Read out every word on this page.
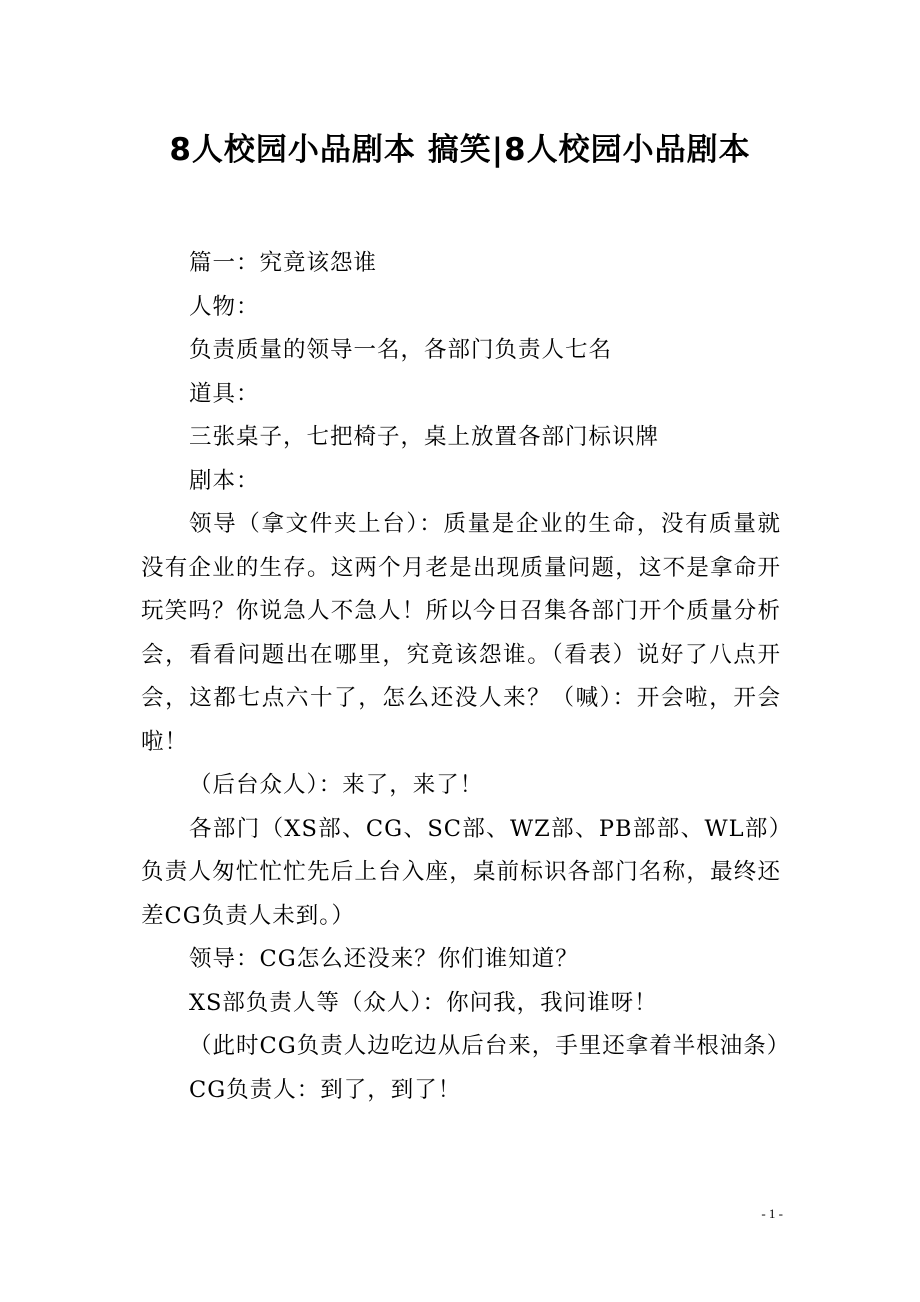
8人校园小品剧本 搞笑|8人校园小品剧本

篇一：究竟该怨谁

人物：

负责质量的领导一名，各部门负责人七名

道具：

三张桌子，七把椅子，桌上放置各部门标识牌

剧本：

领导（拿文件夹上台）：质量是企业的生命，没有质量就没有企业的生存。这两个月老是出现质量问题，这不是拿命开玩笑吗？你说急人不急人！所以今日召集各部门开个质量分析会，看看问题出在哪里，究竟该怨谁。（看表）说好了八点开会，这都七点六十了，怎么还没人来？（喊）：开会啦，开会啦！

（后台众人）：来了，来了！

各部门（XS部、CG、SC部、WZ部、PB部部、WL部）负责人匆忙忙忙先后上台入座，桌前标识各部门名称，最终还差CG负责人未到。）

领导：CG怎么还没来？你们谁知道？

XS部负责人等（众人）：你问我，我问谁呀！

（此时CG负责人边吃边从后台来，手里还拿着半根油条）

CG负责人：到了，到了！

- 1 -
